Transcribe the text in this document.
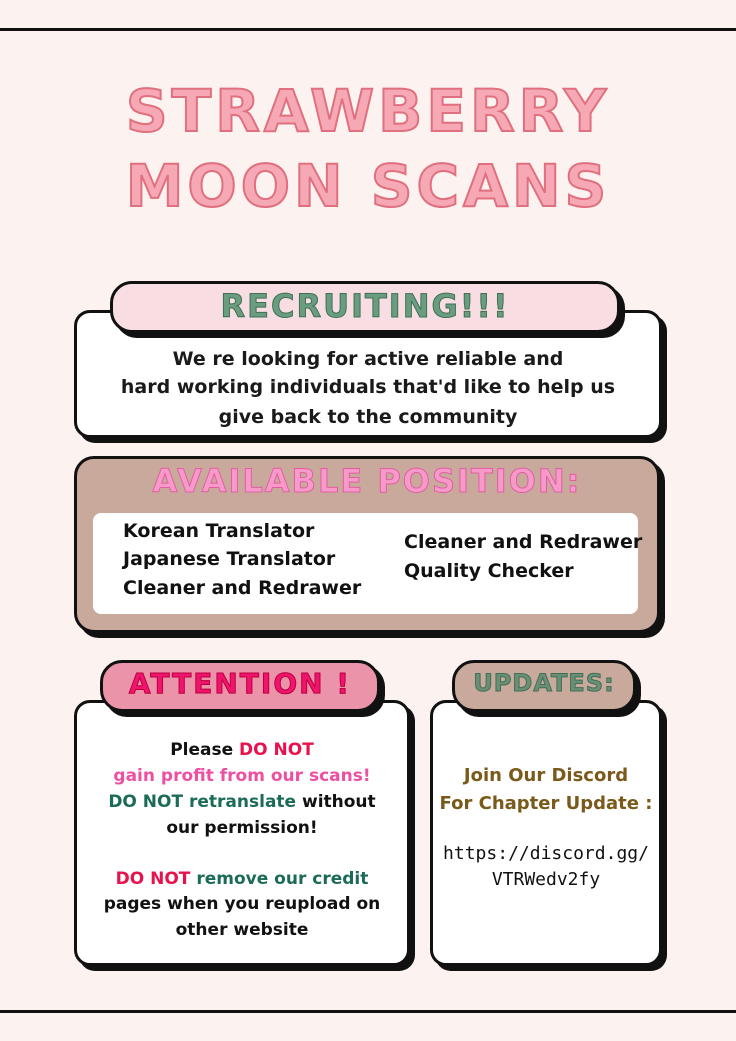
STRAWBERRY
MOON SCANS
RECRUITING!!!
We re looking for active reliable and
hard working individuals that'd like to help us
give back to the community
AVAILABLE POSITION:
Korean Translator
Japanese Translator
Cleaner and Redrawer
Cleaner and Redrawer
Quality Checker
ATTENTION !
Please DO NOT
gain profit from our scans!
DO NOT retranslate without
our permission!
DO NOT remove our credit
pages when you reupload on
other website
UPDATES:
Join Our Discord
For Chapter Update :
https://discord.gg/
VTRWedv2fy
